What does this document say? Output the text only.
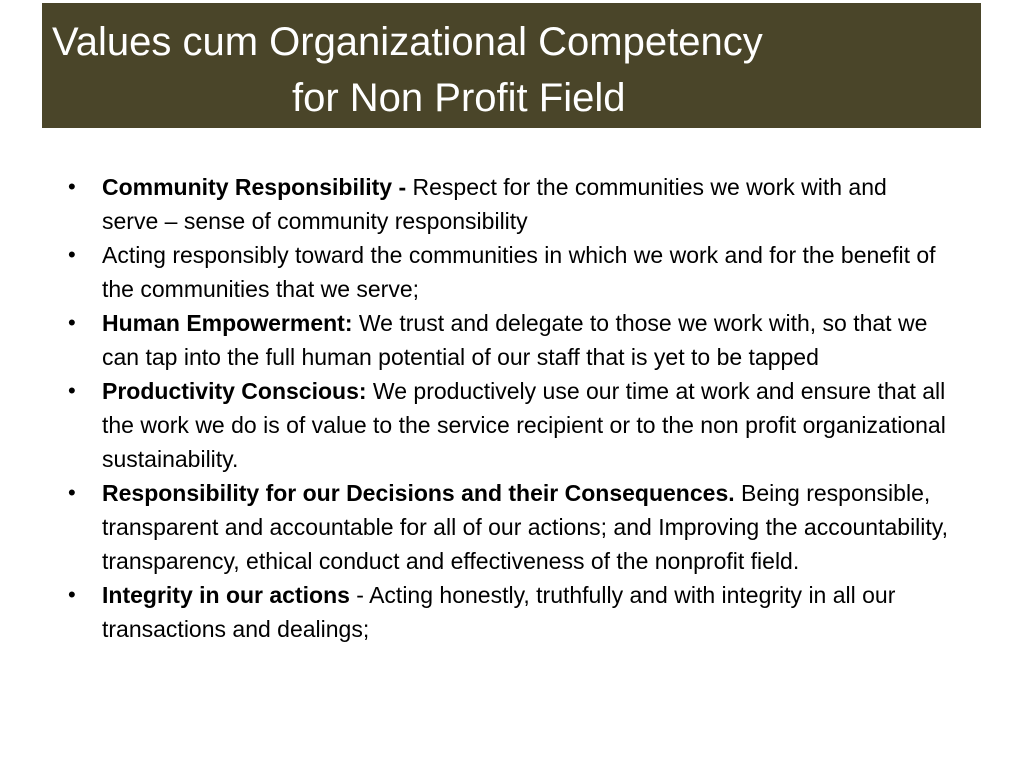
Values cum Organizational Competency
for Non Profit Field
• Community Responsibility - Respect for the communities we work with and serve – sense of community responsibility
• Acting responsibly toward the communities in which we work and for the benefit of the communities that we serve;
• Human Empowerment: We trust and delegate to those we work with, so that we can tap into the full human potential of our staff that is yet to be tapped
• Productivity Conscious: We productively use our time at work and ensure that all the work we do is of value to the service recipient or to the non profit organizational sustainability.
• Responsibility for our Decisions and their Consequences. Being responsible, transparent and accountable for all of our actions; and Improving the accountability, transparency, ethical conduct and effectiveness of the nonprofit field.
• Integrity in our actions - Acting honestly, truthfully and with integrity in all our transactions and dealings;
